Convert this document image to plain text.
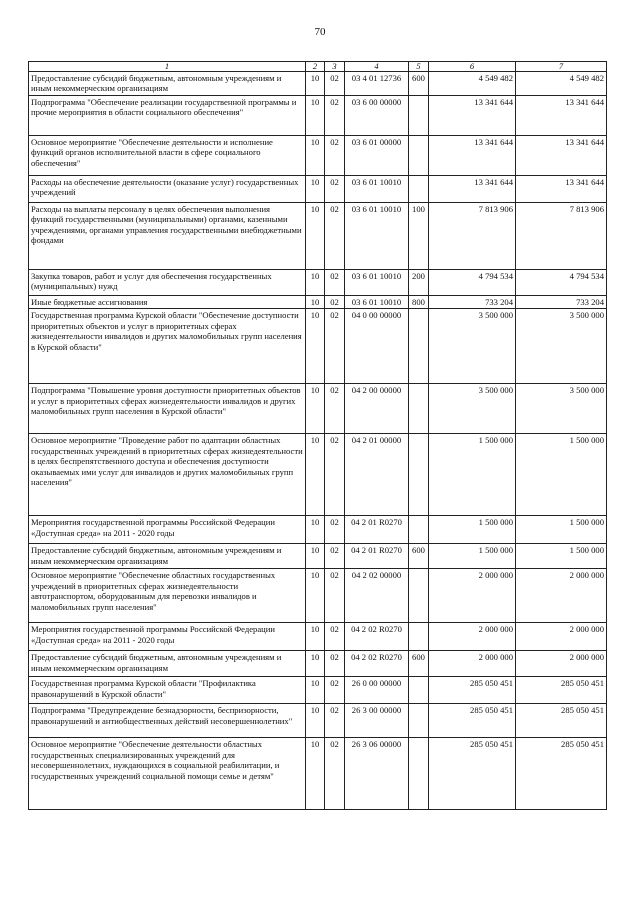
70
1	2	3	4	5	6	7
Предоставление субсидий бюджетным, автономным учреждениям и иным некоммерческим организациям	10	02	03 4 01 12736	600	4 549 482	4 549 482
Подпрограмма "Обеспечение реализации государственной программы и прочие мероприятия в области социального обеспечения"	10	02	03 6 00 00000		13 341 644	13 341 644
Основное мероприятие "Обеспечение деятельности и исполнение функций органов исполнительной власти в сфере социального обеспечения"	10	02	03 6 01 00000		13 341 644	13 341 644
Расходы на обеспечение деятельности (оказание услуг) государственных учреждений	10	02	03 6 01 10010		13 341 644	13 341 644
Расходы на выплаты персоналу в целях обеспечения выполнения функций государственными (муниципальными) органами, казенными учреждениями, органами управления государственными внебюджетными фондами	10	02	03 6 01 10010	100	7 813 906	7 813 906
Закупка товаров, работ и услуг для обеспечения государственных (муниципальных) нужд	10	02	03 6 01 10010	200	4 794 534	4 794 534
Иные бюджетные ассигнования	10	02	03 6 01 10010	800	733 204	733 204
Государственная программа Курской области "Обеспечение доступности приоритетных объектов и услуг в приоритетных сферах жизнедеятельности инвалидов и других маломобильных групп населения в Курской области"	10	02	04 0 00 00000		3 500 000	3 500 000
Подпрограмма "Повышение уровня доступности приоритетных объектов и услуг в приоритетных сферах жизнедеятельности инвалидов и других маломобильных групп населения в Курской области"	10	02	04 2 00 00000		3 500 000	3 500 000
Основное мероприятие "Проведение работ по адаптации областных государственных учреждений в приоритетных сферах жизнедеятельности в целях беспрепятственного доступа и обеспечения доступности оказываемых ими услуг для инвалидов и других маломобильных групп населения"	10	02	04 2 01 00000		1 500 000	1 500 000
Мероприятия государственной программы Российской Федерации «Доступная среда» на 2011 - 2020 годы	10	02	04 2 01 R0270		1 500 000	1 500 000
Предоставление субсидий бюджетным, автономным учреждениям и иным некоммерческим организациям	10	02	04 2 01 R0270	600	1 500 000	1 500 000
Основное мероприятие "Обеспечение областных государственных учреждений в приоритетных сферах жизнедеятельности автотранспортом, оборудованным для перевозки инвалидов и маломобильных групп населения"	10	02	04 2 02 00000		2 000 000	2 000 000
Мероприятия государственной программы Российской Федерации «Доступная среда» на 2011 - 2020 годы	10	02	04 2 02 R0270		2 000 000	2 000 000
Предоставление субсидий бюджетным, автономным учреждениям и иным некоммерческим организациям	10	02	04 2 02 R0270	600	2 000 000	2 000 000
Государственная программа Курской области "Профилактика правонарушений в Курской области"	10	02	26 0 00 00000		285 050 451	285 050 451
Подпрограмма "Предупреждение безнадзорности, беспризорности, правонарушений и антиобщественных действий несовершеннолетних"	10	02	26 3 00 00000		285 050 451	285 050 451
Основное мероприятие "Обеспечение деятельности областных государственных специализированных учреждений для несовершеннолетних, нуждающихся в социальной реабилитации, и государственных учреждений социальной помощи семье и детям"	10	02	26 3 06 00000		285 050 451	285 050 451
